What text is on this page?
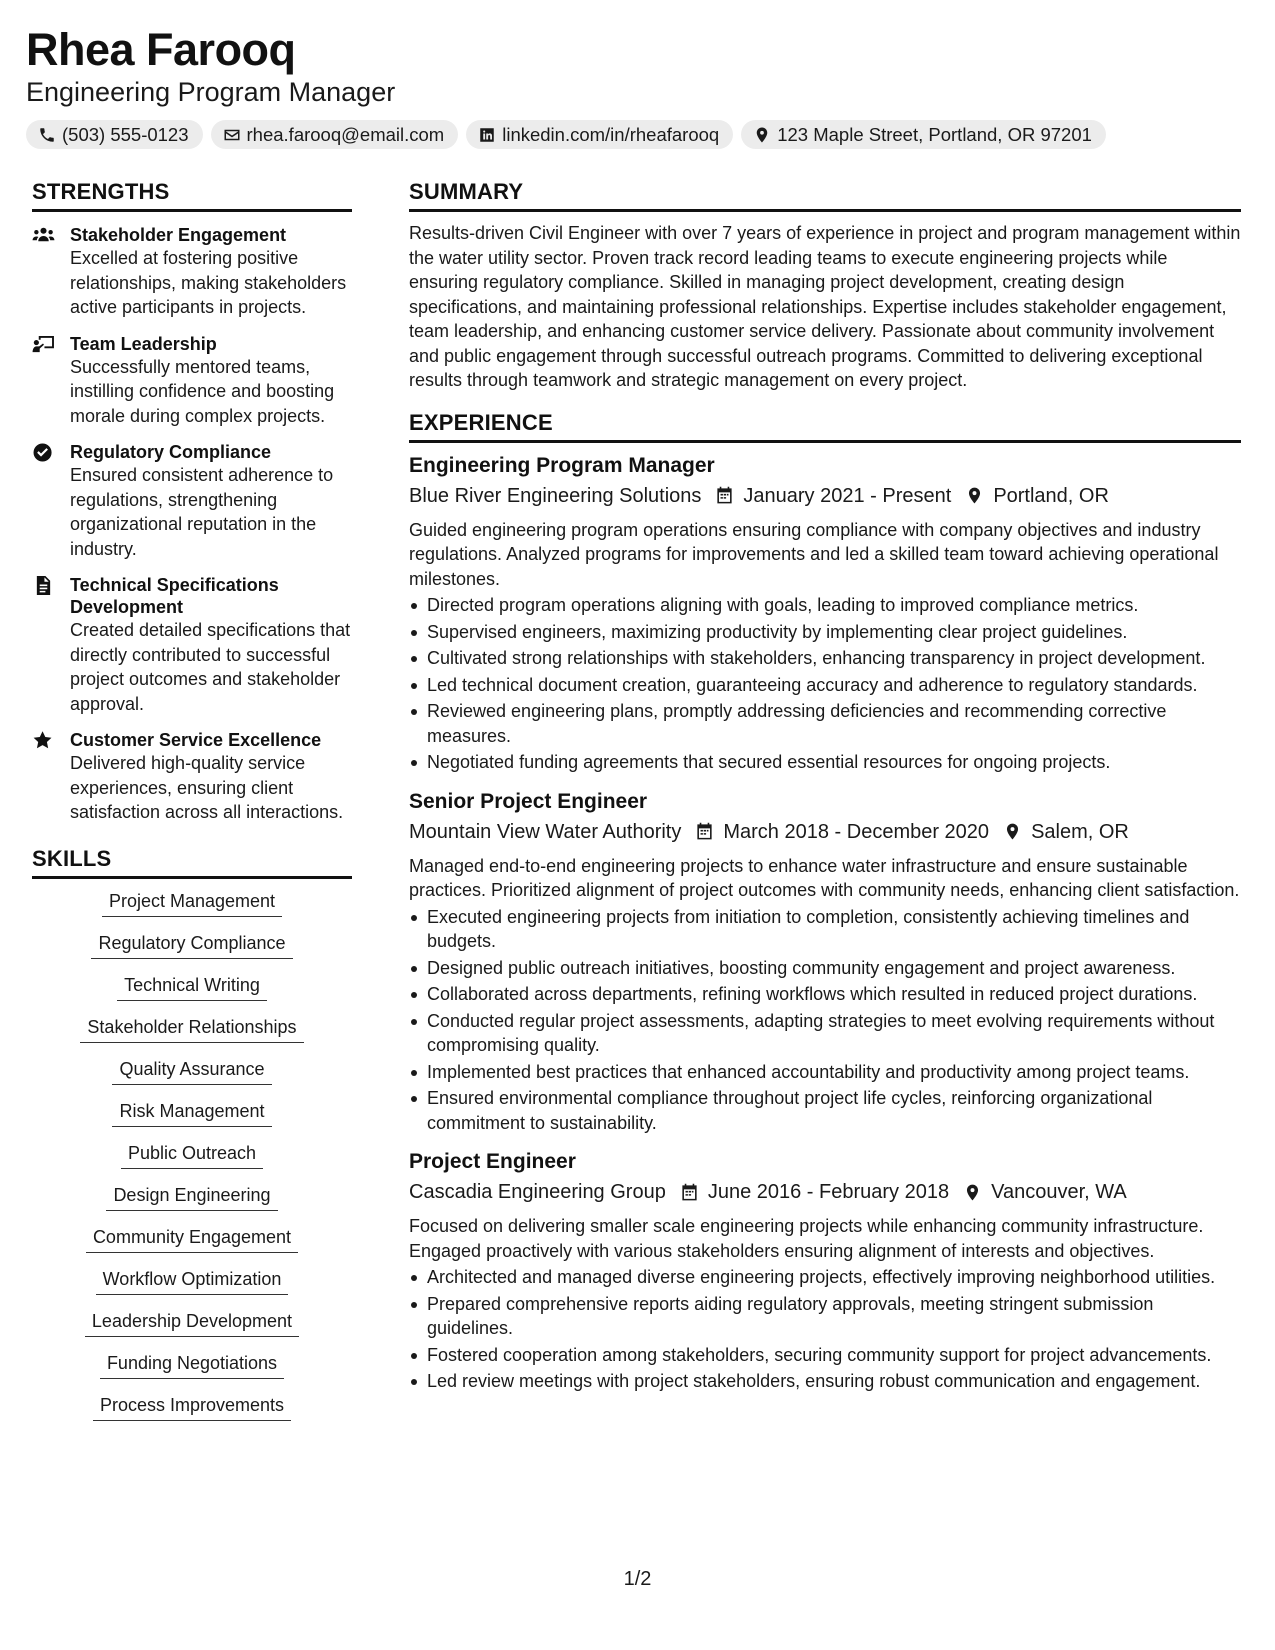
Rhea Farooq
Engineering Program Manager
(503) 555-0123	rhea.farooq@email.com	linkedin.com/in/rheafarooq	123 Maple Street, Portland, OR 97201
STRENGTHS
Stakeholder Engagement
Excelled at fostering positive relationships, making stakeholders active participants in projects.
Team Leadership
Successfully mentored teams, instilling confidence and boosting morale during complex projects.
Regulatory Compliance
Ensured consistent adherence to regulations, strengthening organizational reputation in the industry.
Technical Specifications Development
Created detailed specifications that directly contributed to successful project outcomes and stakeholder approval.
Customer Service Excellence
Delivered high-quality service experiences, ensuring client satisfaction across all interactions.
SKILLS
Project Management
Regulatory Compliance
Technical Writing
Stakeholder Relationships
Quality Assurance
Risk Management
Public Outreach
Design Engineering
Community Engagement
Workflow Optimization
Leadership Development
Funding Negotiations
Process Improvements
SUMMARY
Results-driven Civil Engineer with over 7 years of experience in project and program management within the water utility sector. Proven track record leading teams to execute engineering projects while ensuring regulatory compliance. Skilled in managing project development, creating design specifications, and maintaining professional relationships. Expertise includes stakeholder engagement, team leadership, and enhancing customer service delivery. Passionate about community involvement and public engagement through successful outreach programs. Committed to delivering exceptional results through teamwork and strategic management on every project.
EXPERIENCE
Engineering Program Manager
Blue River Engineering Solutions January 2021 - Present Portland, OR
Guided engineering program operations ensuring compliance with company objectives and industry regulations. Analyzed programs for improvements and led a skilled team toward achieving operational milestones.
Directed program operations aligning with goals, leading to improved compliance metrics.
Supervised engineers, maximizing productivity by implementing clear project guidelines.
Cultivated strong relationships with stakeholders, enhancing transparency in project development.
Led technical document creation, guaranteeing accuracy and adherence to regulatory standards.
Reviewed engineering plans, promptly addressing deficiencies and recommending corrective measures.
Negotiated funding agreements that secured essential resources for ongoing projects.
Senior Project Engineer
Mountain View Water Authority March 2018 - December 2020 Salem, OR
Managed end-to-end engineering projects to enhance water infrastructure and ensure sustainable practices. Prioritized alignment of project outcomes with community needs, enhancing client satisfaction.
Executed engineering projects from initiation to completion, consistently achieving timelines and budgets.
Designed public outreach initiatives, boosting community engagement and project awareness.
Collaborated across departments, refining workflows which resulted in reduced project durations.
Conducted regular project assessments, adapting strategies to meet evolving requirements without compromising quality.
Implemented best practices that enhanced accountability and productivity among project teams.
Ensured environmental compliance throughout project life cycles, reinforcing organizational commitment to sustainability.
Project Engineer
Cascadia Engineering Group June 2016 - February 2018 Vancouver, WA
Focused on delivering smaller scale engineering projects while enhancing community infrastructure. Engaged proactively with various stakeholders ensuring alignment of interests and objectives.
Architected and managed diverse engineering projects, effectively improving neighborhood utilities.
Prepared comprehensive reports aiding regulatory approvals, meeting stringent submission guidelines.
Fostered cooperation among stakeholders, securing community support for project advancements.
Led review meetings with project stakeholders, ensuring robust communication and engagement.
1/2
